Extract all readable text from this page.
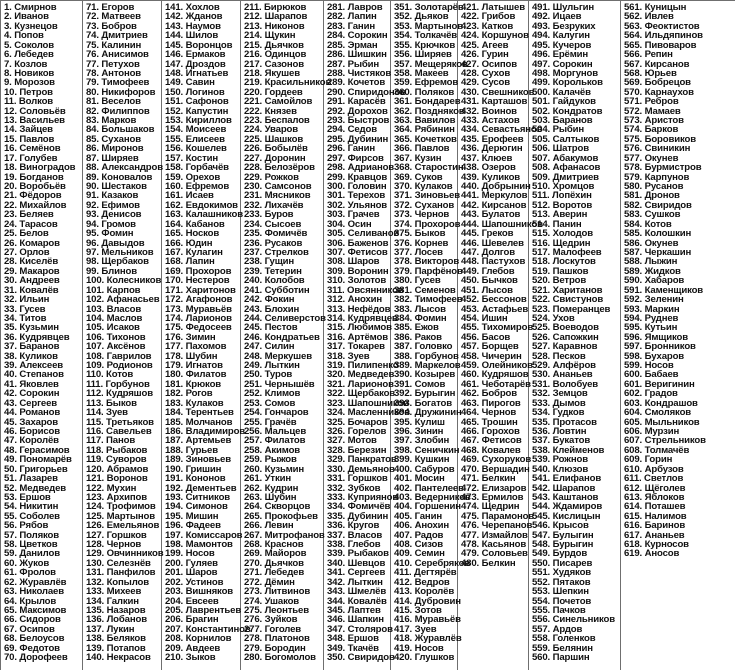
1. Смирнов
2. Иванов
3. Кузнецов
4. Попов
5. Соколов
6. Лебедев
7. Козлов
8. Новиков
9. Морозов
10. Петров
11. Волков
12. Соловьёв
13. Васильев
14. Зайцев
15. Павлов
16. Семёнов
17. Голубев
18. Виноградов
19. Богданов
20. Воробьёв
21. Фёдоров
22. Михайлов
23. Беляев
24. Тарасов
25. Белов
26. Комаров
27. Орлов
28. Киселёв
29. Макаров
30. Андреев
31. Ковалёв
32. Ильин
33. Гусев
34. Титов
35. Кузьмин
36. Кудрявцев
37. Баранов
38. Куликов
39. Алексеев
40. Степанов
41. Яковлев
42. Сорокин
43. Сергеев
44. Романов
45. Захаров
46. Борисов
47. Королёв
48. Герасимов
49. Пономарёв
50. Григорьев
51. Лазарев
52. Медведев
53. Ершов
54. Никитин
55. Соболев
56. Рябов
57. Поляков
58. Цветков
59. Данилов
60. Жуков
61. Фролов
62. Журавлёв
63. Николаев
64. Крылов
65. Максимов
66. Сидоров
67. Осипов
68. Белоусов
69. Федотов
70. Дорофеев
71. Егоров
72. Матвеев
73. Бобров
74. Дмитриев
75. Калинин
76. Анисимов
77. Петухов
78. Антонов
79. Тимофеев
80. Никифоров
81. Веселов
82. Филиппов
83. Марков
84. Большаков
85. Суханов
86. Миронов
87. Ширяев
88. Александров
89. Коновалов
90. Шестаков
91. Казаков
92. Ефимов
93. Денисов
94. Громов
95. Фомин
96. Давыдов
97. Мельников
98. Щербаков
99. Блинов
100. Колесников
101. Карпов
102. Афанасьев
103. Власов
104. Маслов
105. Исаков
106. Тихонов
107. Аксёнов
108. Гаврилов
109. Родионов
110. Котов
111. Горбунов
112. Кудряшов
113. Быков
114. Зуев
115. Третьяков
116. Савельев
117. Панов
118. Рыбаков
119. Суворов
120. Абрамов
121. Воронов
122. Мухин
123. Архипов
124. Трофимов
125. Мартынов
126. Емельянов
127. Горшков
128. Чернов
129. Овчинников
130. Селезнёв
131. Панфилов
132. Копылов
133. Михеев
134. Галкин
135. Назаров
136. Лобанов
137. Лукин
138. Беляков
139. Потапов
140. Некрасов
141. Хохлов
142. Жданов
143. Наумов
144. Шилов
145. Воронцов
146. Ермаков
147. Дроздов
148. Игнатьев
149. Савин
150. Логинов
151. Сафонов
152. Капустин
153. Кириллов
154. Моисеев
155. Елисеев
156. Кошелев
157. Костин
158. Горбачёв
159. Орехов
160. Ефремов
161. Исаев
162. Евдокимов
163. Калашников
164. Кабанов
165. Носков
166. Юдин
167. Кулагин
168. Лапин
169. Прохоров
170. Нестеров
171. Харитонов
172. Агафонов
173. Муравьёв
174. Ларионов
175. Федосеев
176. Зимин
177. Пахомов
178. Шубин
179. Игнатов
180. Филатов
181. Крюков
182. Рогов
183. Кулаков
184. Терентьев
185. Молчанов
186. Владимиров
187. Артемьев
188. Гурьев
189. Зиновьев
190. Гришин
191. Кононов
192. Дементьев
193. Ситников
194. Симонов
195. Мишин
196. Фадеев
197. Комиссаров
198. Мамонтов
199. Носов
200. Гуляев
201. Шаров
202. Устинов
203. Вишняков
204. Евсеев
205. Лаврентьев
206. Брагин
207. Константинов
208. Корнилов
209. Авдеев
210. Зыков
211. Бирюков
212. Шарапов
213. Никонов
214. Щукин
215. Дьячков
216. Одинцов
217. Сазонов
218. Якушев
219. Красильников
220. Гордеев
221. Самойлов
222. Князев
223. Беспалов
224. Уваров
225. Шашков
226. Бобылёв
227. Доронин
228. Белозёров
229. Рожков
230. Самсонов
231. Мясников
232. Лихачёв
233. Буров
234. Сысоев
235. Фомичёв
236. Русаков
237. Стрелков
238. Гущин
239. Тетерин
240. Колобов
241. Субботин
242. Фокин
243. Блохин
244. Селиверстов
245. Пестов
246. Кондратьев
247. Силин
248. Меркушев
249. Лыткин
250. Туров
251. Чернышёв
252. Климов
253. Сомов
254. Гончаров
255. Грачёв
256. Мальцев
257. Филатов
258. Акимов
259. Рыжов
260. Кузьмин
261. Уткин
262. Кудрин
263. Шубин
264. Скворцов
265. Прокофьев
266. Левин
267. Митрофанов
268. Краснов
269. Майоров
270. Дьячков
271. Лебедев
272. Дёмин
273. Литвинов
274. Ушаков
275. Леонтьев
276. Зуйков
277. Гоголев
278. Платонов
279. Бородин
280. Богомолов
281. Лавров
282. Лапин
283. Ганин
284. Сорокин
285. Эрман
286. Шишкин
287. Рыбин
288. Чистяков
289. Кочетов
290. Спиридонов
291. Карасёв
292. Дорохов
293. Быстров
294. Седов
295. Дубинин
296. Ганин
297. Фирсов
298. Адрианов
299. Кравцов
300. Головин
301. Терехов
302. Ульянов
303. Грачев
304. Осин
305. Селиванов
306. Баженов
307. Фетисов
308. Шаров
309. Воронин
310. Золотов
311. Овсянников
312. Анохин
313. Нефёдов
314. Кудрявцев
315. Любимов
316. Артёмов
317. Токарев
318. Зуев
319. Пилипенко
320. Медведев
321. Ларионов
322. Щербаков
323. Шапошников
324. Масленников
325. Бочаров
326. Горелов
327. Мотов
328. Березин
329. Панкратов
330. Демьянов
331. Горшков
332. Зубков
333. Куприянов
334. Фомичёв
335. Дубинин
336. Кругов
337. Власов
338. Глебов
339. Рыбаков
340. Шевцов
341. Сергеев
342. Лыткин
343. Шмелёв
344. Ковалёв
345. Лаптев
346. Шапкин
347. Столяров
348. Ершов
349. Ткачёв
350. Свиридов
351. Золотарёв
352. Дьяков
353. Мартынов
354. Толкачёв
355. Крючков
356. Ширяев
357. Мещеряков
358. Макеев
359. Ефремов
360. Поляков
361. Бондарев
362. Поздняков
363. Вавилов
364. Рябинин
365. Кочетков
366. Павлов
367. Кузин
368. Старостин
369. Суков
370. Кулаков
371. Зиновьев
372. Суханов
373. Чернов
374. Прохоров
375. Быков
376. Корнев
377. Лосев
378. Викторов
379. Парфёнов
380. Гусев
381. Семенов
382. Тимофеев
383. Лысов
384. Фомин
385. Ежов
386. Раков
387. Головко
388. Горбунов
389. Маркелов
390. Козырев
391. Сомов
392. Бурыгин
393. Богатов
394. Дружинин
395. Кулиш
396. Зинин
397. Злобин
398. Сеничкин
399. Кушкин
400. Сабуров
401. Мосин
402. Пантелеев
403. Ведерников
404. Горшенин
405. Ганин
406. Анохин
407. Радов
408. Сизов
409. Семин
410. Серебряков
411. Дегтярёв
412. Ведров
413. Королёв
414. Дубровин
415. Зотов
416. Муравьёв
417. Зуев
418. Журавлёв
419. Носов
420. Глушков
421. Латышев
422. Грибов
423. Катков
424. Коршунов
425. Агеев
426. Гурин
427. Осипов
428. Сухов
429. Сусов
430. Свешников
431. Карташов
432. Воинов
433. Астахов
434. Севастьянов
435. Ерофеев
436. Дерюгин
437. Клюев
438. Озеров
439. Куликов
440. Добрынин
441. Меркулов
442. Кирсанов
443. Булатов
444. Шапошников
445. Греков
446. Шевелев
447. Долгов
448. Пастухов
449. Глебов
450. Бычков
451. Лысов
452. Бессонов
453. Астафьев
454. Ишин
455. Тихомиров
456. Басов
457. Борщев
458. Чичерин
459. Олейников
460. Кудряшов
461. Чеботарёв
462. Бобров
463. Пирогов
464. Чернов
465. Трошин
466. Горохов
467. Фетисов
468. Ковалев
469. Сухоруков
470. Вершадин
471. Белкин
472. Елизаров
473. Ермилов
474. Щедрин
475. Парамонов
476. Черепанов
477. Измайлов
478. Касьянов
479. Соловьев
480. Белкин
491. Шульгин
492. Ицаев
493. Безруких
494. Калугин
495. Кучеров
496. Ерёмин
497. Сорокин
498. Моргунов
499. Корольков
500. Калачёв
501. Гайдуков
502. Кондратов
503. Баранов
504. Рыбин
505. Салтыков
506. Шатров
507. Абакумов
508. Афанасов
509. Дмитриев
510. Хромцов
511. Лопёхин
512. Воротов
513. Аверин
514. Панин
515. Холодов
516. Щедрин
517. Малофеев
518. Лоскутов
519. Пашков
520. Ветров
521. Хаританов
522. Свистунов
523. Померанцев
524. Ухов
525. Воеводов
526. Сапожкин
527. Каравнов
528. Песков
529. Алфёров
530. Ананьев
531. Волобуев
532. Земцов
533. Дымов
534. Гудков
535. Протасов
536. Ловтин
537. Букатов
538. Клейменов
539. Рожнов
540. Клюзов
541. Елифанов
542. Шарапов
543. Каштанов
544. Ждамиров
545. Кислицын
546. Крысов
547. Булыгин
548. Бурыгин
549. Бурдов
550. Писарев
551. Худяков
552. Пятаков
553. Шепкин
554. Почетов
555. Пачков
556. Синельников
557. Ардов
558. Голенков
559. Белянин
560. Паршин
561. Куницын
562. Ивлев
563. Феоктистов
564. Ильдяпинов
565. Пивоваров
566. Репин
567. Кирсанов
568. Юрьев
569. Бобрецов
570. Карнаухов
571. Ребров
572. Мамаев
573. Аристов
574. Барков
575. Боровиков
576. Свиникин
577. Окунев
578. Бурмистров
579. Карпунов
580. Русанов
581. Дронов
582. Свиридов
583. Сушков
584. Котов
585. Колошкин
586. Окунев
587. Черкашин
588. Лыжин
589. Жидков
590. Хабаров
591. Каменщиков
592. Зеленин
593. Маркин
594. Руднев
595. Кутьин
596. Ямщиков
597. Бронников
598. Бухаров
599. Носов
600. Бабаев
601. Веригинин
602. Градов
603. Кондрашов
604. Смоляков
605. Мыльников
606. Мурзин
607. Стрельников
608. Толмачёв
609. Горин
610. Арбузов
611. Светлов
612. Щёголев
613. Яблоков
614. Поташев
615. Налимов
616. Баринов
617. Ананьев
618. Курносов
619. Аносов
